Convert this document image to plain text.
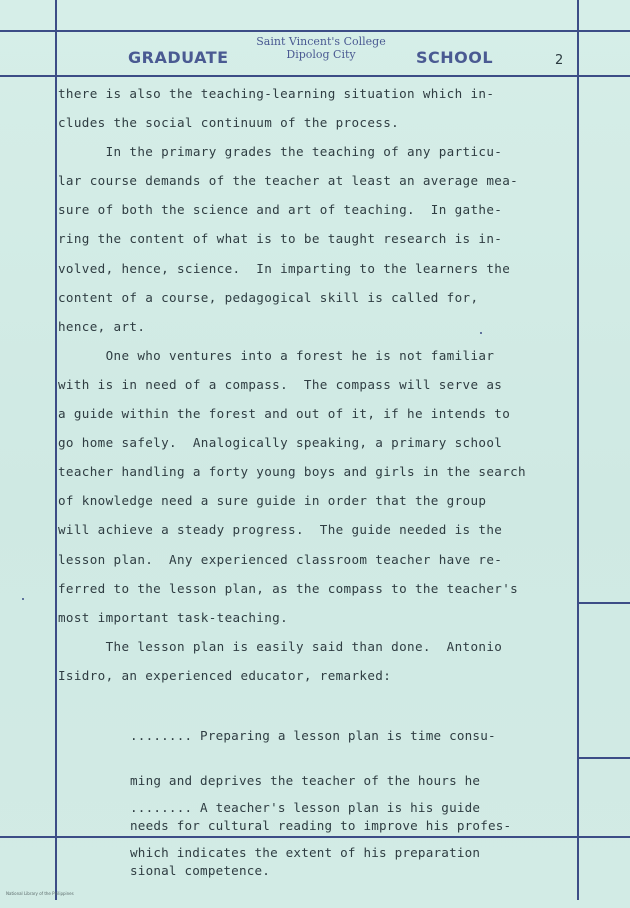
GRADUATE
Saint Vincent's College
Dipolog City	SCHOOL	2
there is also the teaching-learning situation which in-
cludes the social continuum of the process.
In the primary grades the teaching of any particu-
lar course demands of the teacher at least an average mea-
sure of both the science and art of teaching.  In gathe-
ring the content of what is to be taught research is in-
volved, hence, science.  In imparting to the learners the
content of a course, pedagogical skill is called for,
hence, art.
One who ventures into a forest he is not familiar
with is in need of a compass.  The compass will serve as
a guide within the forest and out of it, if he intends to
go home safely.  Analogically speaking, a primary school
teacher handling a forty young boys and girls in the search
of knowledge need a sure guide in order that the group
will achieve a steady progress.  The guide needed is the
lesson plan.  Any experienced classroom teacher have re-
ferred to the lesson plan, as the compass to the teacher's
most important task-teaching.
The lesson plan is easily said than done.  Antonio
Isidro, an experienced educator, remarked:

........ Preparing a lesson plan is time consu-

ming and deprives the teacher of the hours he

needs for cultural reading to improve his profes-

sional competence.

........ A teacher's lesson plan is his guide

which indicates the extent of his preparation

National Library of the Philippines
